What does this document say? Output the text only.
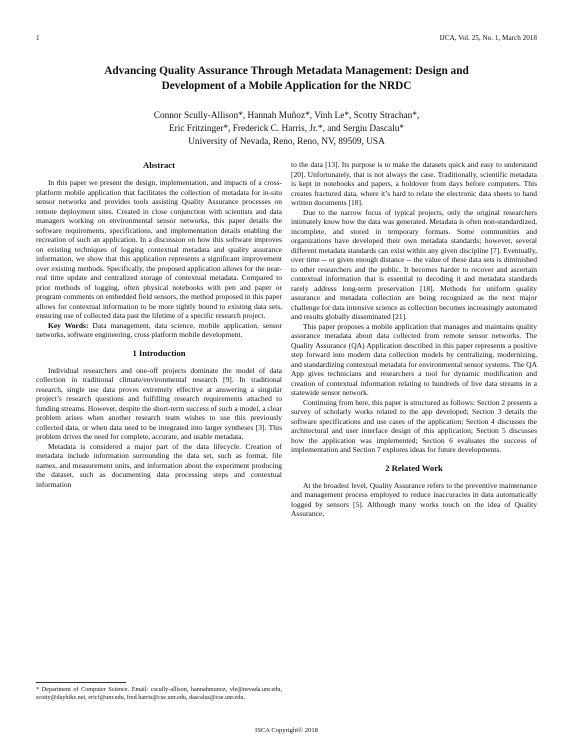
1	IJCA, Vol. 25, No. 1, March 2018
Advancing Quality Assurance Through Metadata Management: Design and
Development of a Mobile Application for the NRDC
Connor Scully-Allison*, Hannah Muñoz*, Vinh Le*, Scotty Strachan*,
Eric Fritzinger*, Frederick C. Harris, Jr.*, and Sergiu Dascalu*
University of Nevada, Reno, Reno, NV, 89509, USA
Abstract

In this paper we present the design, implementation, and impacts of a cross-platform mobile application that facilitates the collection of metadata for in-situ sensor networks and provides tools assisting Quality Assurance processes on remote deployment sites. Created in close conjunction with scientists and data managers working on environmental sensor networks, this paper details the software requirements, specifications, and implementation details enabling the recreation of such an application. In a discussion on how this software improves on existing techniques of logging contextual metadata and quality assurance information, we show that this application represents a significant improvement over existing methods. Specifically, the proposed application allows for the near-real time update and centralized storage of contextual metadata. Compared to prior methods of logging, often physical notebooks with pen and paper or program comments on embedded field sensors, the method proposed in this paper allows for contextual information to be more tightly bound to existing data sets, ensuring use of collected data past the lifetime of a specific research project.

Key Words: Data management, data science, mobile application, sensor networks, software engineering, cross platform mobile development.

1 Introduction

Individual researchers and one-off projects dominate the model of data collection in traditional climate/environmental research [9]. In traditional research, single use data proves extremely effective at answering a singular project’s research questions and fulfilling research requirements attached to funding streams. However, despite the short-term success of such a model, a clear problem arises when another research team wishes to use this previously collected data, or when data need to be integrated into larger syntheses [3]. This problem drives the need for complete, accurate, and usable metadata.

Metadata is considered a major part of the data lifecycle. Creation of metadata include information surrounding the data set, such as format, file names, and measurement units, and information about the experiment producing the dataset, such as documenting data processing steps and contextual information

to the data [13]. Its purpose is to make the datasets quick and easy to understand [20]. Unfortunately, that is not always the case. Traditionally, scientific metadata is kept in notebooks and papers, a holdover from days before computers. This creates fractured data, where it’s hard to relate the electronic data sheets to hand written documents [18].

Due to the narrow focus of typical projects, only the original researchers intimately know how the data was generated. Metadata is often non-standardized, incomplete, and stored in temporary formats. Some communities and organizations have developed their own metadata standards; however, several different metadata standards can exist within any given discipline [7]. Eventually, over time -- or given enough distance -- the value of these data sets is diminished to other researchers and the public. It becomes harder to recover and ascertain contextual information that is essential to decoding it and metadata standards rarely address long-term preservation [18]. Methods for uniform quality assurance and metadata collection are being recognized as the next major challenge for data intensive science as collection becomes increasingly automated and results globally disseminated [21].

This paper proposes a mobile application that manages and maintains quality assurance metadata about data collected from remote sensor networks. The Quality Assurance (QA) Application described in this paper represents a positive step forward into modern data collection models by centralizing, modernizing, and standardizing contextual metadata for environmental sensor systems. The QA App gives technicians and researchers a tool for dynamic modification and creation of contextual information relating to hundreds of live data streams in a statewide sensor network.

Continuing from here, this paper is structured as follows: Section 2 presents a survey of scholarly works related to the app developed; Section 3 details the software specifications and use cases of the application; Section 4 discusses the architectural and user interface design of this application; Section 5 discusses how the application was implemented; Section 6 evaluates the success of implementation and Section 7 explores ideas for future developments.

2 Related Work

At the broadest level, Quality Assurance refers to the preventive maintenance and management process employed to reduce inaccuracies in data automatically logged by sensors [5]. Although many works touch on the idea of Quality Assurance,

* Department of Computer Science. Email: cscully-allison, hannahmunoz, vle@nevada.unr.edu, scotty@dayhike.net, ericf@unr.edu, fred.harris@cse.unr.edu, dascalus@cse.unr.edu.
ISCA Copyright© 2018
